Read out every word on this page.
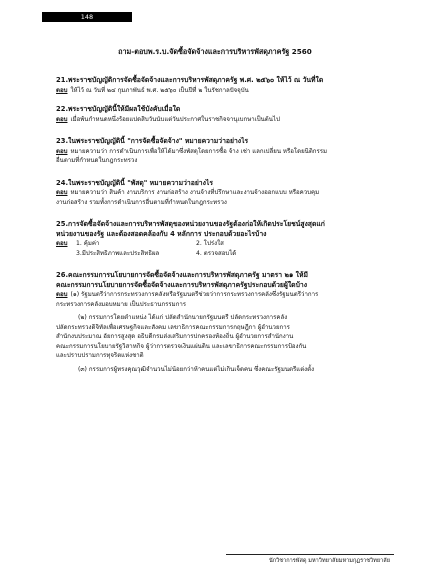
148
ถาม-ตอบพ.ร.บ.จัดซื้อจัดจ้างและการบริหารพัสดุภาครัฐ 2560

21.พระราชบัญญัติการจัดซื้อจัดจ้างและการบริหารพัสดุภาครัฐ พ.ศ. ๒๕๖๐ ให้ไว้ ณ วันที่ใด

ตอบ ให้ไว้ ณ วันที่ ๒๔ กุมภาพันธ์ พ.ศ. ๒๕๖๐ เป็นปีที่ ๒ ในรัชกาลปัจจุบัน

22.พระราชบัญญัตินี้ให้มีผลใช้บังคับเมื่อใด

ตอบ เมื่อพ้นกำหนดหนึ่งร้อยแปดสิบวันนับแต่วันประกาศในราชกิจจานุเบกษาเป็นต้นไป

23.ในพระราชบัญญัตินี้ "การจัดซื้อจัดจ้าง" หมายความว่าอย่างไร

ตอบ หมายความว่า การดำเนินการเพื่อให้ได้มาซึ่งพัสดุโดยการซื้อ จ้าง เช่า แลกเปลี่ยน หรือโดยนิติกรรม

อื่นตามที่กำหนดในกฎกระทรวง

24.ในพระราชบัญญัตินี้ "พัสดุ" หมายความว่าอย่างไร

ตอบ หมายความว่า สินค้า งานบริการ งานก่อสร้าง งานจ้างที่ปรึกษาและงานจ้างออกแบบ หรือควบคุม

งานก่อสร้าง รวมทั้งการดำเนินการอื่นตามที่กำหนดในกฎกระทรวง

25.การจัดซื้อจัดจ้างและการบริหารพัสดุของหน่วยงานของรัฐต้องก่อให้เกิดประโยชน์สูงสุดแก่

หน่วยงานของรัฐ และต้องสอดคล้องกับ 4 หลักการ ประกอบด้วยอะไรบ้าง

ตอบ 1. คุ้มค่า	2. โปร่งใส
3.มีประสิทธิภาพและประสิทธิผล	4. ตรวจสอบได้

26.คณะกรรมการนโยบายการจัดซื้อจัดจ้างและการบริหารพัสดุภาครัฐ มาตรา ๒๑ ให้มี

คณะกรรมการนโยบายการจัดซื้อจัดจ้างและการบริหารพัสดุภาครัฐประกอบด้วยผู้ใดบ้าง

ตอบ (๑) รัฐมนตรีว่าการกระทรวงการคลังหรือรัฐมนตรีช่วยว่าการกระทรวงการคลังซึ่งรัฐมนตรีว่าการ

กระทรวงการคลังมอบหมาย เป็นประธานกรรมการ

(๒) กรรมการโดยตำแหน่ง ได้แก่ ปลัดสำนักนายกรัฐมนตรี ปลัดกระทรวงการคลัง

ปลัดกระทรวงดิจิทัลเพื่อเศรษฐกิจและสังคม เลขาธิการคณะกรรมการกฤษฎีกา ผู้อำนวยการ

สำนักงบประมาณ อัยการสูงสุด อธิบดีกรมส่งเสริมการปกครองท้องถิ่น ผู้อำนวยการสำนักงาน

คณะกรรมการนโยบายรัฐวิสาหกิจ ผู้ว่าการตรวจเงินแผ่นดิน และเลขาธิการคณะกรรมการป้องกัน

และปราบปรามการทุจริตแห่งชาติ

(๓) กรรมการผู้ทรงคุณวุฒิจำนวนไม่น้อยกว่าห้าคนแต่ไม่เกินเจ็ดคน ซึ่งคณะรัฐมนตรีแต่งตั้ง

นักวิชาการพัสดุ มหาวิทยาลัยมหามกุฏราชวิทยาลัย
